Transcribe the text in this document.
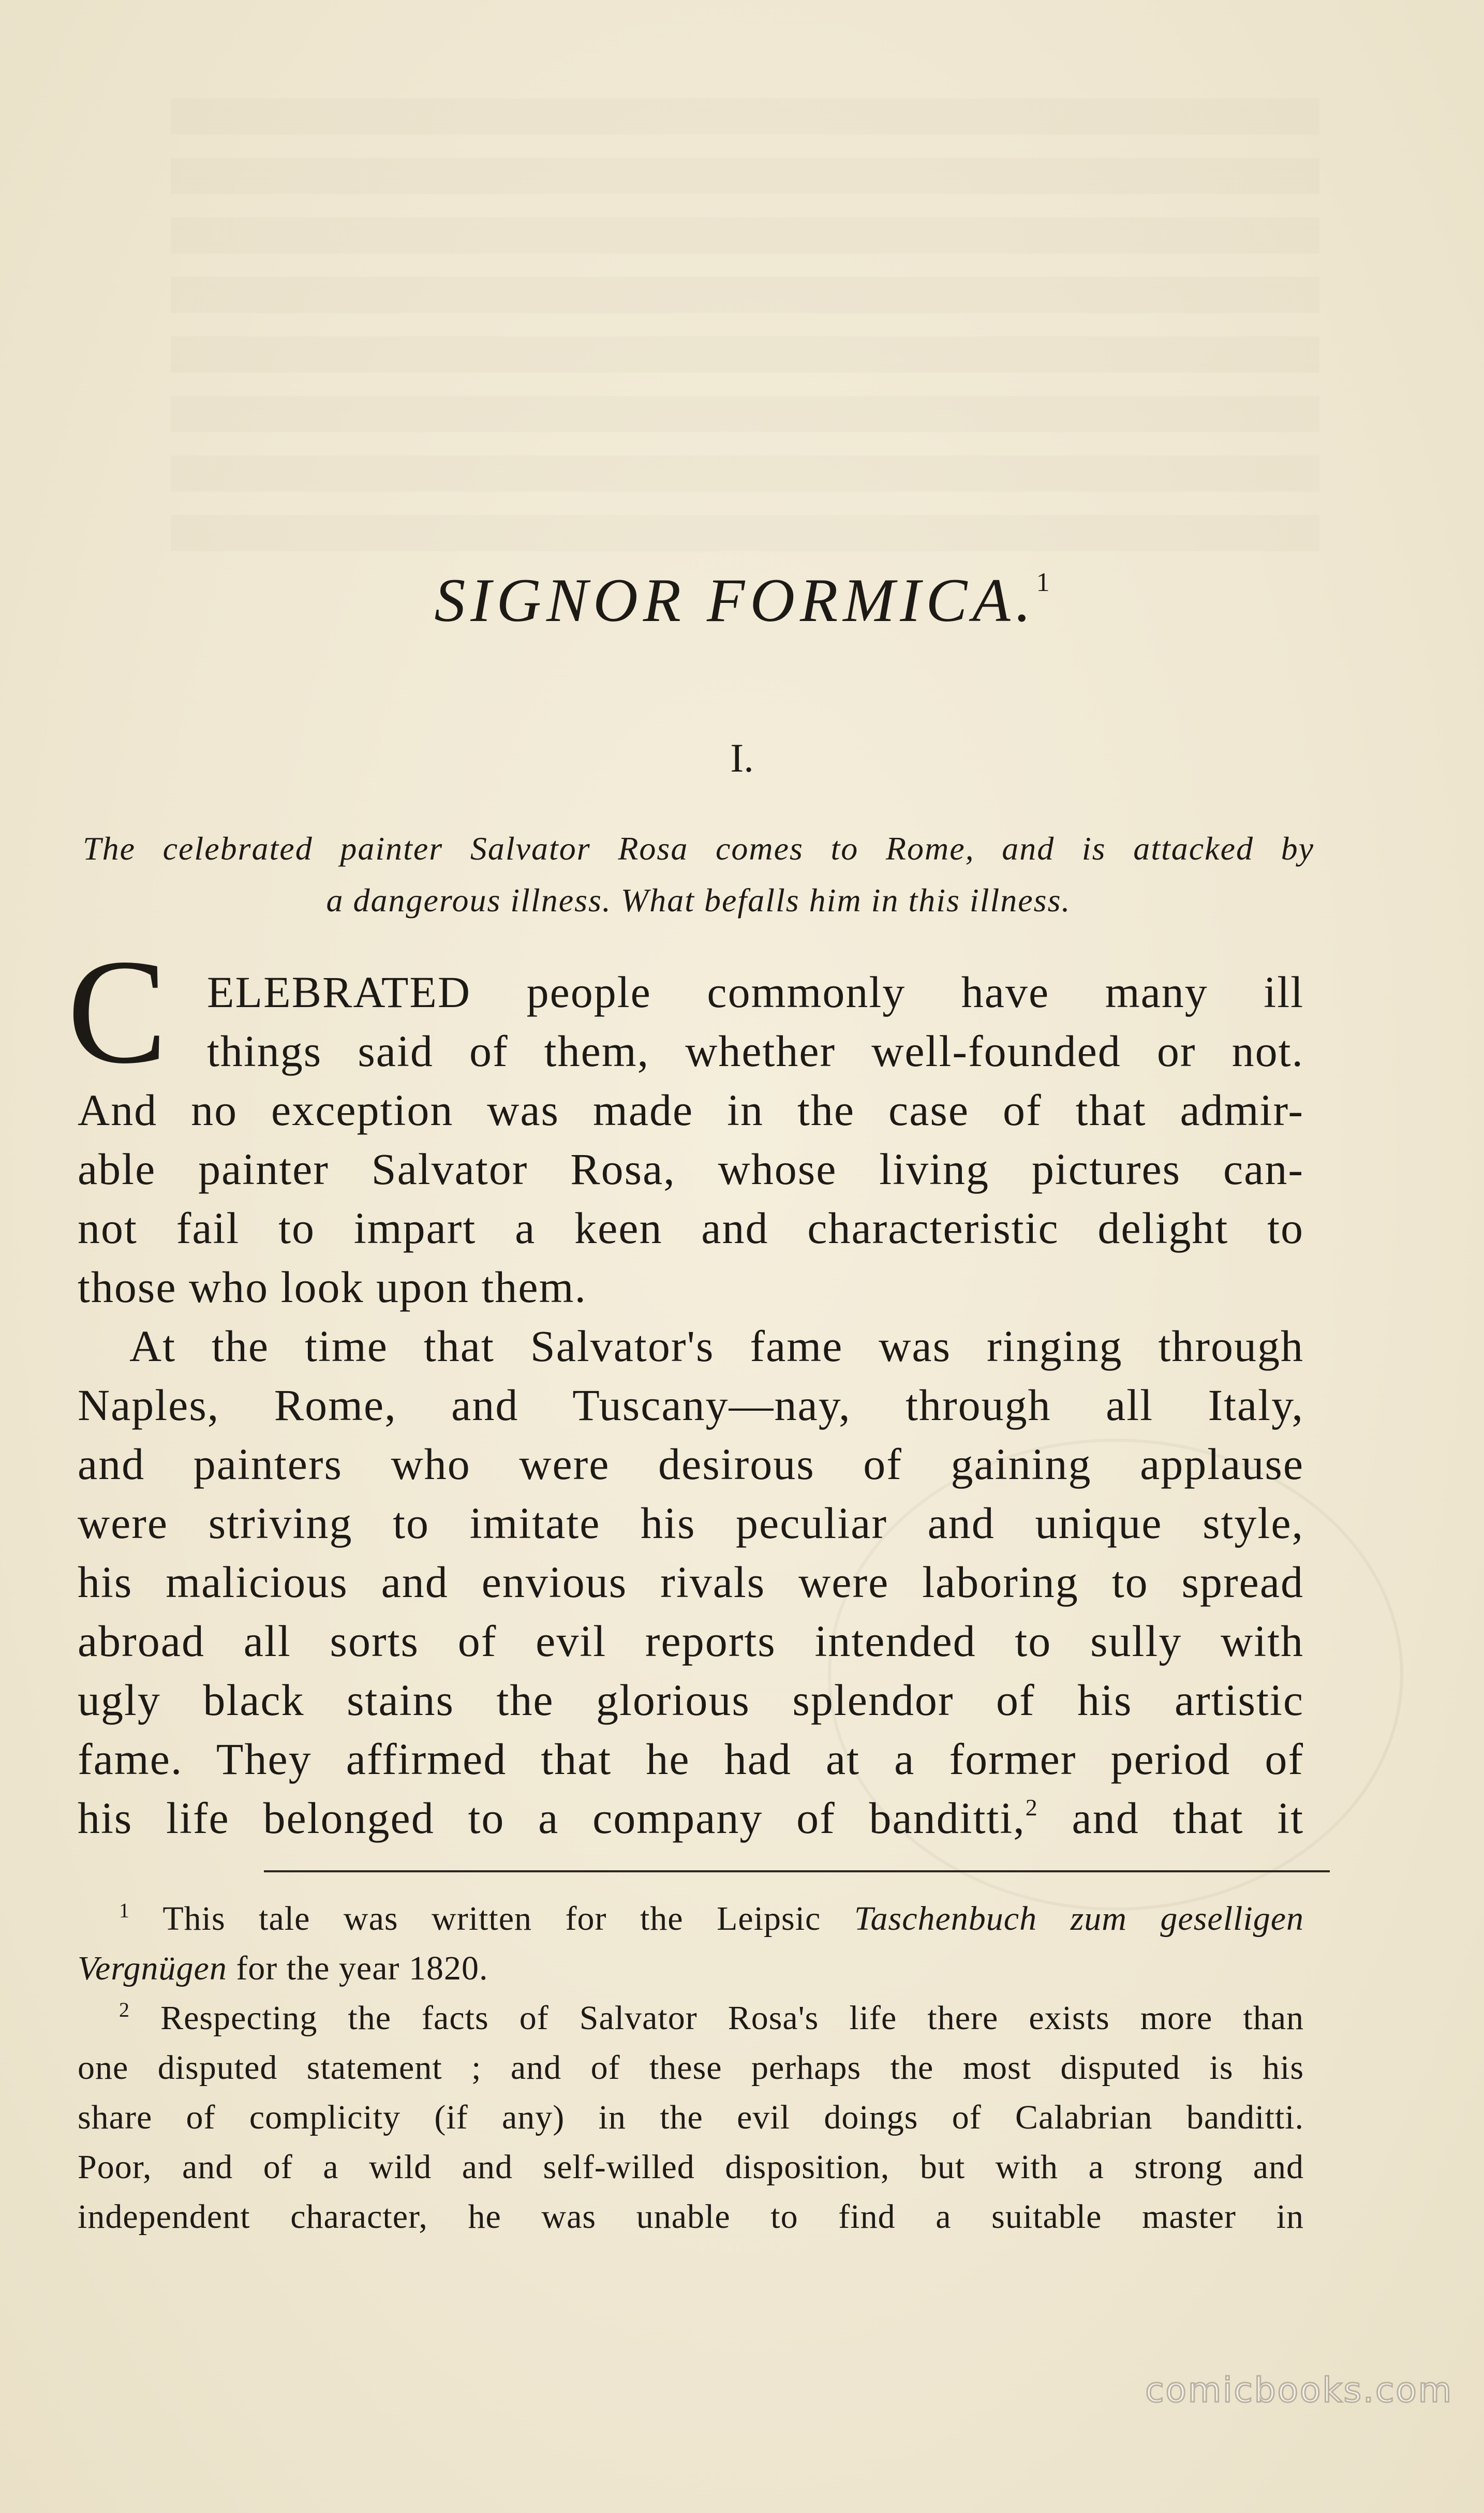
SIGNOR FORMICA.$^1$
I.
The celebrated painter Salvator Rosa comes to Rome, and is attacked by
a dangerous illness. What befalls him in this illness.
C ELEBRATED people commonly have many ill
things said of them, whether well-founded or not.
And no exception was made in the case of that admir-
able painter Salvator Rosa, whose living pictures can-
not fail to impart a keen and characteristic delight to
those who look upon them.
At the time that Salvator's fame was ringing through
Naples, Rome, and Tuscany—nay, through all Italy,
and painters who were desirous of gaining applause
were striving to imitate his peculiar and unique style,
his malicious and envious rivals were laboring to spread
abroad all sorts of evil reports intended to sully with
ugly black stains the glorious splendor of his artistic
fame. They affirmed that he had at a former period of
his life belonged to a company of banditti,$^2$ and that it
$^1$ This tale was written for the Leipsic Taschenbuch zum geselligen
Vergnügen for the year 1820.
$^2$ Respecting the facts of Salvator Rosa's life there exists more than
one disputed statement ; and of these perhaps the most disputed is his
share of complicity (if any) in the evil doings of Calabrian banditti.
Poor, and of a wild and self-willed disposition, but with a strong and
independent character, he was unable to find a suitable master in
comicbooks.com
